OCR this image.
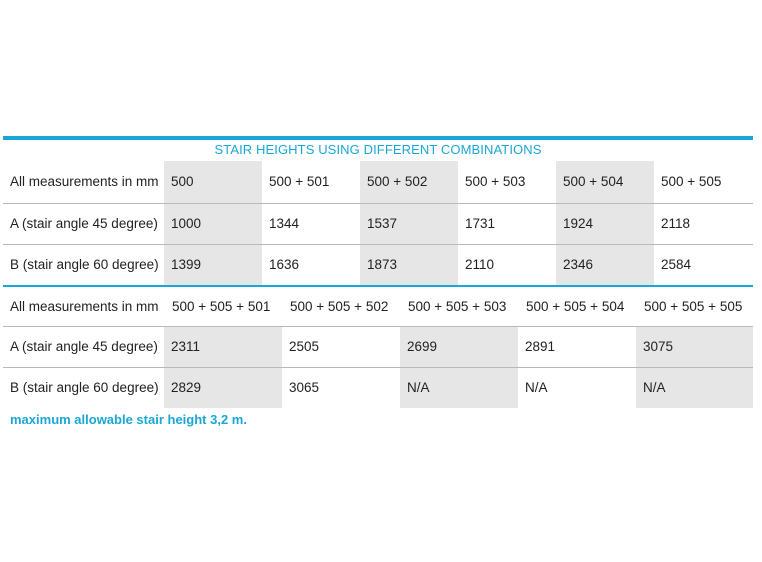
STAIR HEIGHTS USING DIFFERENT COMBINATIONS
All measurements in mm	500	500 + 501	500 + 502	500 + 503	500 + 504	500 + 505
A (stair angle 45 degree)	1000	1344	1537	1731	1924	2118
B (stair angle 60 degree)	1399	1636	1873	2110	2346	2584
All measurements in mm	500 + 505 + 501	500 + 505 + 502	500 + 505 + 503	500 + 505 + 504	500 + 505 + 505
A (stair angle 45 degree)	2311	2505	2699	2891	3075
B (stair angle 60 degree)	2829	3065	N/A	N/A	N/A
maximum allowable stair height 3,2 m.
